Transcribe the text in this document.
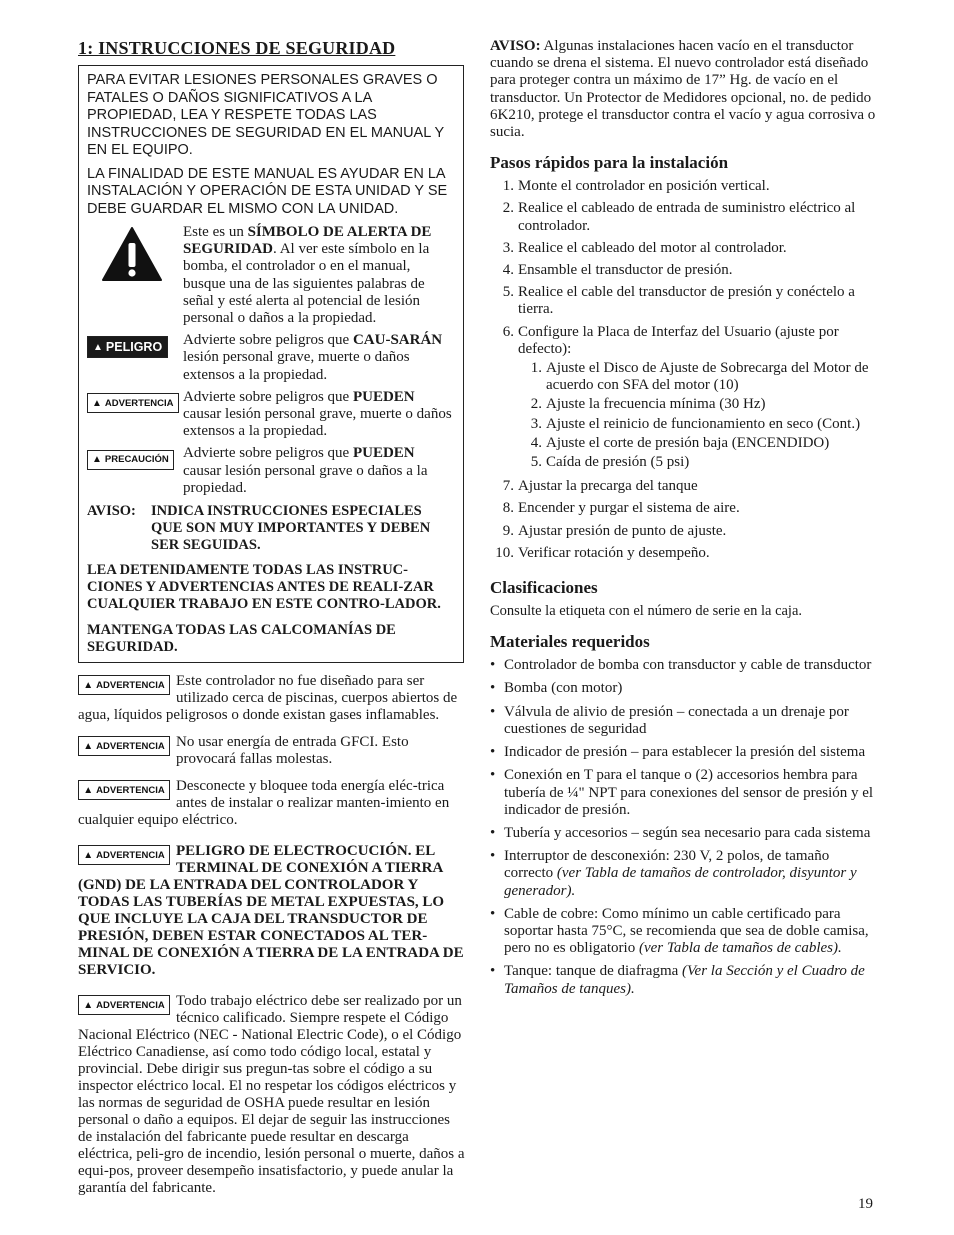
1: INSTRUCCIONES DE SEGURIDAD

PARA EVITAR LESIONES PERSONALES GRAVES O FATALES O DAÑOS SIGNIFICATIVOS A LA PROPIEDAD, LEA Y RESPETE TODAS LAS INSTRUCCIONES DE SEGURIDAD EN EL MANUAL Y EN EL EQUIPO.

LA FINALIDAD DE ESTE MANUAL ES AYUDAR EN LA INSTALACIÓN Y OPERACIÓN DE ESTA UNIDAD Y SE DEBE GUARDAR EL MISMO CON LA UNIDAD.

Este es un SÍMBOLO DE ALERTA DE SEGURIDAD. Al ver este símbolo en la bomba, el controlador o en el manual, busque una de las siguientes palabras de señal y esté alerta al potencial de lesión personal o daños a la propiedad.
▲ PELIGRO Advierte sobre peligros que CAU-SARÁN lesión personal grave, muerte o daños extensos a la propiedad.
▲ ADVERTENCIA Advierte sobre peligros que PUEDEN causar lesión personal grave, muerte o daños extensos a la propiedad.
▲ PRECAUCIÓN Advierte sobre peligros que PUEDEN causar lesión personal grave o daños a la propiedad.
AVISO:	INDICA INSTRUCCIONES ESPECIALES QUE SON MUY IMPORTANTES Y DEBEN SER SEGUIDAS.

LEA DETENIDAMENTE TODAS LAS INSTRUC-CIONES Y ADVERTENCIAS ANTES DE REALI-ZAR CUALQUIER TRABAJO EN ESTE CONTRO-LADOR.

MANTENGA TODAS LAS CALCOMANÍAS DE SEGURIDAD.

▲ ADVERTENCIA Este controlador no fue diseñado para ser utilizado cerca de piscinas, cuerpos abiertos de agua, líquidos peligrosos o donde existan gases inflamables.
▲ ADVERTENCIA No usar energía de entrada GFCI. Esto provocará fallas molestas.
▲ ADVERTENCIA Desconecte y bloquee toda energía eléc-trica antes de instalar o realizar manten-imiento en cualquier equipo eléctrico.
▲ ADVERTENCIA PELIGRO DE ELECTROCUCIÓN. EL TERMINAL DE CONEXIÓN A TIERRA (GND) DE LA ENTRADA DEL CONTROLADOR Y TODAS LAS TUBERÍAS DE METAL EXPUESTAS, LO QUE INCLUYE LA CAJA DEL TRANSDUCTOR DE PRESIÓN, DEBEN ESTAR CONECTADOS AL TER-MINAL DE CONEXIÓN A TIERRA DE LA ENTRADA DE SERVICIO.
▲ ADVERTENCIA Todo trabajo eléctrico debe ser realizado por un técnico calificado. Siempre respete el Código Nacional Eléctrico (NEC - National Electric Code), o el Código Eléctrico Canadiense, así como todo código local, estatal y provincial. Debe dirigir sus pregun-tas sobre el código a su inspector eléctrico local. El no respetar los códigos eléctricos y las normas de seguridad de OSHA puede resultar en lesión personal o daño a equipos. El dejar de seguir las instrucciones de instalación del fabricante puede resultar en descarga eléctrica, peli-gro de incendio, lesión personal o muerte, daños a equi-pos, proveer desempeño insatisfactorio, y puede anular la garantía del fabricante.

AVISO: Algunas instalaciones hacen vacío en el transductor cuando se drena el sistema. El nuevo controlador está diseñado para proteger contra un máximo de 17” Hg. de vacío en el transductor. Un Protector de Medidores opcional, no. de pedido 6K210, protege el transductor contra el vacío y agua corrosiva o sucia.

Pasos rápidos para la instalación
1. Monte el controlador en posición vertical.
2. Realice el cableado de entrada de suministro eléctrico al controlador.
3. Realice el cableado del motor al controlador.
4. Ensamble el transductor de presión.
5. Realice el cable del transductor de presión y conéctelo a tierra.
6. Configure la Placa de Interfaz del Usuario (ajuste por defecto):
1. Ajuste el Disco de Ajuste de Sobrecarga del Motor de acuerdo con SFA del motor (10)
2. Ajuste la frecuencia mínima (30 Hz)
3. Ajuste el reinicio de funcionamiento en seco (Cont.)
4. Ajuste el corte de presión baja (ENCENDIDO)
5. Caída de presión (5 psi)
7. Ajustar la precarga del tanque
8. Encender y purgar el sistema de aire.
9. Ajustar presión de punto de ajuste.
10. Verificar rotación y desempeño.
Clasificaciones

Consulte la etiqueta con el número de serie en la caja.

Materiales requeridos
• Controlador de bomba con transductor y cable de transductor
• Bomba (con motor)
• Válvula de alivio de presión – conectada a un drenaje por cuestiones de seguridad
• Indicador de presión – para establecer la presión del sistema
• Conexión en T para el tanque o (2) accesorios hembra para tubería de ¼" NPT para conexiones del sensor de presión y el indicador de presión.
• Tubería y accesorios – según sea necesario para cada sistema
• Interruptor de desconexión: 230 V, 2 polos, de tamaño correcto (ver Tabla de tamaños de controlador, disyuntor y generador).
• Cable de cobre: Como mínimo un cable certificado para soportar hasta 75°C, se recomienda que sea de doble camisa, pero no es obligatorio (ver Tabla de tamaños de cables).
• Tanque: tanque de diafragma (Ver la Sección y el Cuadro de Tamaños de tanques).
19
